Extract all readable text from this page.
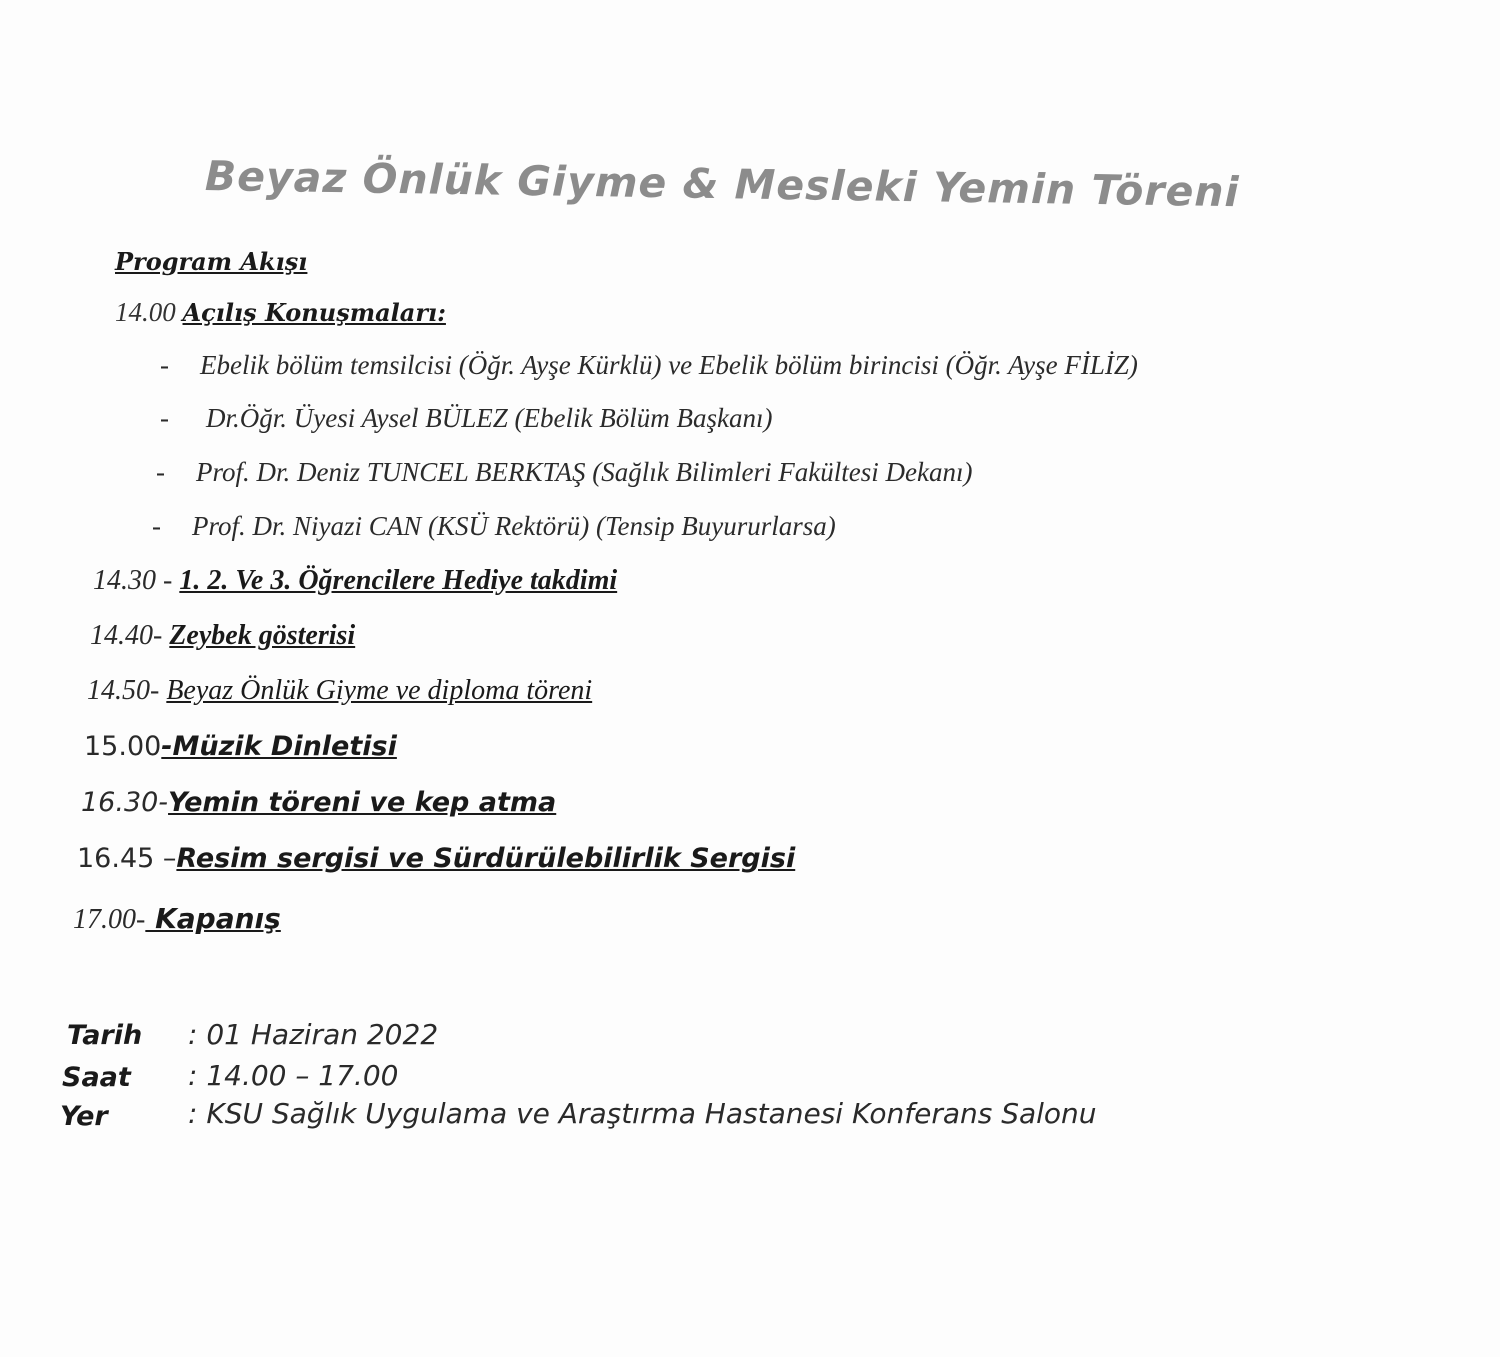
Beyaz Önlük Giyme & Mesleki Yemin Töreni
Program Akışı
14.00 Açılış Konuşmaları:
- Ebelik bölüm temsilcisi (Öğr. Ayşe Kürklü) ve Ebelik bölüm birincisi (Öğr. Ayşe FİLİZ)
- Dr.Öğr. Üyesi Aysel BÜLEZ (Ebelik Bölüm Başkanı)
- Prof. Dr. Deniz TUNCEL BERKTAŞ (Sağlık Bilimleri Fakültesi Dekanı)
- Prof. Dr. Niyazi CAN (KSÜ Rektörü) (Tensip Buyururlarsa)
14.30 - 1. 2. Ve 3. Öğrencilere Hediye takdimi
14.40- Zeybek gösterisi
14.50- Beyaz Önlük Giyme ve diploma töreni
15.00-Müzik Dinletisi
16.30-Yemin töreni ve kep atma
16.45 –Resim sergisi ve Sürdürülebilirlik Sergisi
17.00- Kapanış
Tarih : 01 Haziran 2022
Saat : 14.00 – 17.00
Yer	: KSU Sağlık Uygulama ve Araştırma Hastanesi Konferans Salonu
